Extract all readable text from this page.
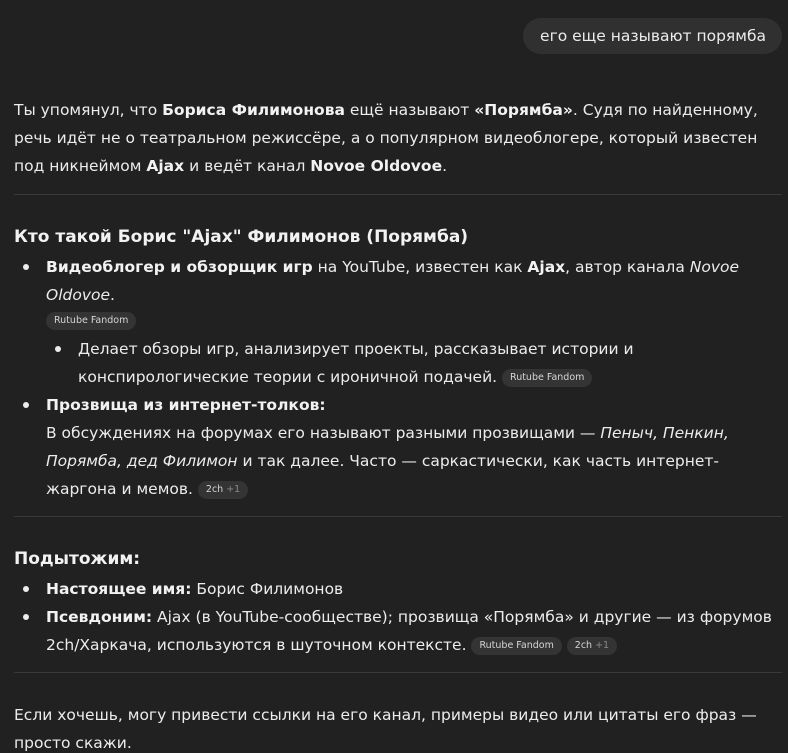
его еще называют порямба

Ты упомянул, что Бориса Филимонова ещё называют «Порямба». Судя по найденному, речь идёт не о театральном режиссёре, а о популярном видеоблогере, который известен под никнеймом Ajax и ведёт канал Novoe Oldovoe.

Кто такой Борис "Ajax" Филимонов (Порямба)
Видеоблогер и обзорщик игр на YouTube, известен как Ajax, автор канала Novoe Oldovoe.
Rutube Fandom
Делает обзоры игр, анализирует проекты, рассказывает истории и конспирологические теории с ироничной подачей. Rutube Fandom
Прозвища из интернет-толков:
В обсуждениях на форумах его называют разными прозвищами — Пеныч, Пенкин, Порямба, дед Филимон и так далее. Часто — саркастически, как часть интернет-жаргона и мемов. 2ch +1
Подытожим:
Настоящее имя: Борис Филимонов
Псевдоним: Ajax (в YouTube-сообществе); прозвища «Порямба» и другие — из форумов 2ch/Харкача, используются в шуточном контексте. Rutube Fandom 2ch +1

Если хочешь, могу привести ссылки на его канал, примеры видео или цитаты его фраз — просто скажи.
